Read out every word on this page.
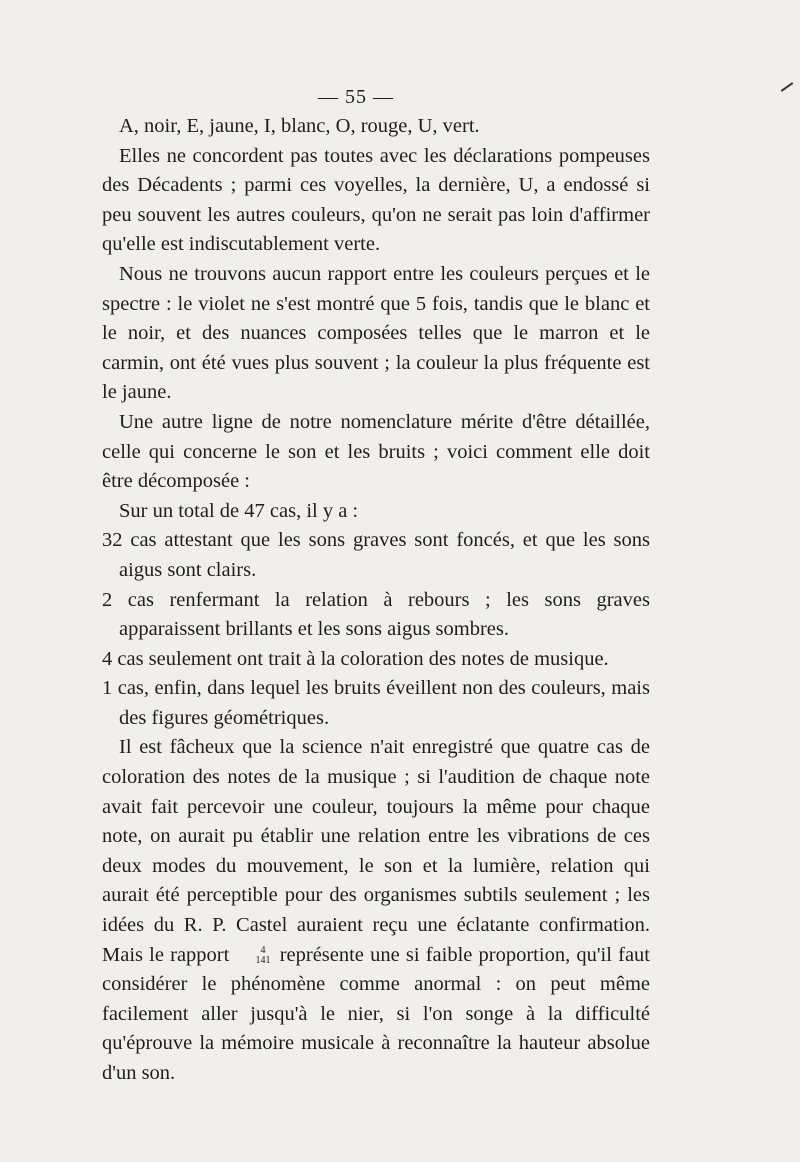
— 55 —

A, noir, E, jaune, I, blanc, O, rouge, U, vert.

Elles ne concordent pas toutes avec les déclarations pompeuses des Décadents ; parmi ces voyelles, la dernière, U, a endossé si peu souvent les autres couleurs, qu'on ne serait pas loin d'affirmer qu'elle est indiscutablement verte.

Nous ne trouvons aucun rapport entre les couleurs perçues et le spectre : le violet ne s'est montré que 5 fois, tandis que le blanc et le noir, et des nuances composées telles que le marron et le carmin, ont été vues plus souvent ; la couleur la plus fréquente est le jaune.

Une autre ligne de notre nomenclature mérite d'être détaillée, celle qui concerne le son et les bruits ; voici comment elle doit être décomposée :

Sur un total de 47 cas, il y a :

32 cas attestant que les sons graves sont foncés, et que les sons aigus sont clairs.

2 cas renfermant la relation à rebours ; les sons graves apparaissent brillants et les sons aigus sombres.

4 cas seulement ont trait à la coloration des notes de musique.

1 cas, enfin, dans lequel les bruits éveillent non des couleurs, mais des figures géométriques.

Il est fâcheux que la science n'ait enregistré que quatre cas de coloration des notes de la musique ; si l'audition de chaque note avait fait percevoir une couleur, toujours la même pour chaque note, on aurait pu établir une relation entre les vibrations de ces deux modes du mouvement, le son et la lumière, relation qui aurait été perceptible pour des organismes subtils seulement ; les idées du R. P. Castel auraient reçu une éclatante confirmation. Mais le rapport	4
141 représente une si faible proportion, qu'il faut considérer le phénomène comme anormal : on peut même facilement aller jusqu'à le nier, si l'on songe à la difficulté qu'éprouve la mémoire musicale à reconnaître la hauteur absolue d'un son.
